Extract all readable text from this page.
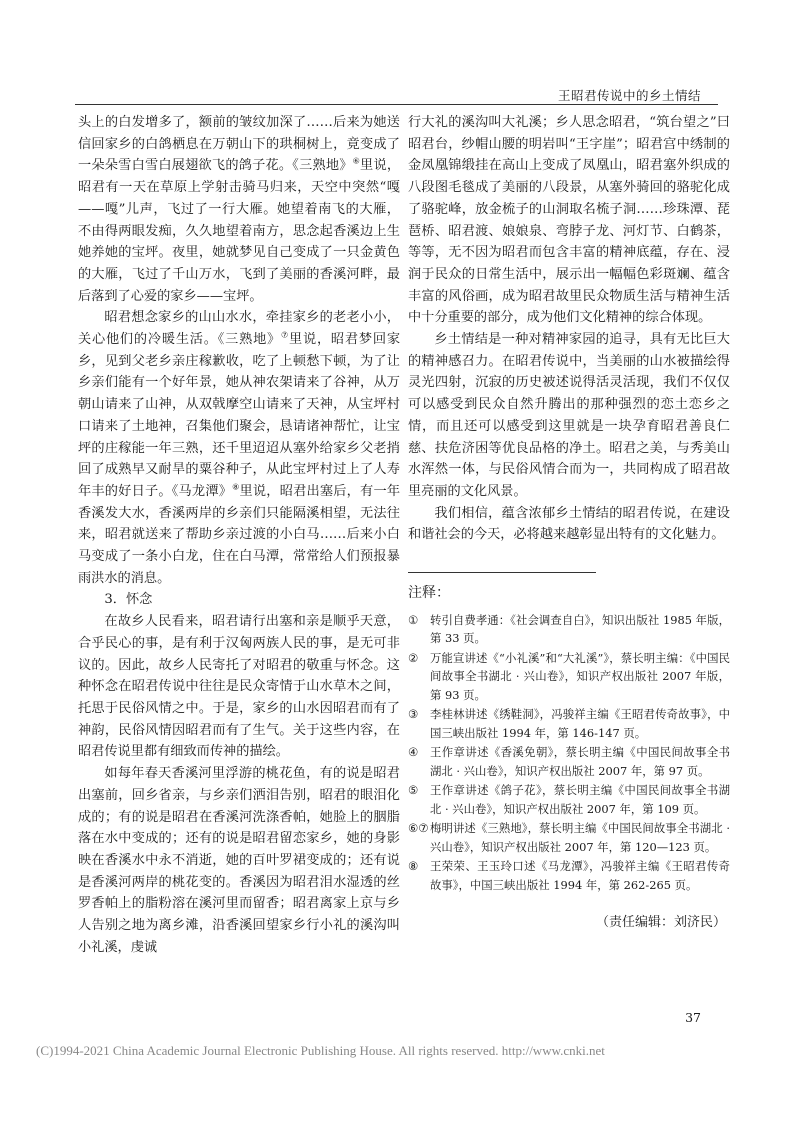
王昭君传说中的乡土情结

头上的白发增多了，额前的皱纹加深了……后来为她送信回家乡的白鸽栖息在万朝山下的珙桐树上，竟变成了一朵朵雪白雪白展翅欲飞的鸽子花。《三熟地》⑥里说，昭君有一天在草原上学射击骑马归来，天空中突然“嘎——嘎”儿声，飞过了一行大雁。她望着南飞的大雁，不由得两眼发痴，久久地望着南方，思念起香溪边上生她养她的宝坪。夜里，她就梦见自己变成了一只金黄色的大雁，飞过了千山万水，飞到了美丽的香溪河畔，最后落到了心爱的家乡——宝坪。

昭君想念家乡的山山水水，牵挂家乡的老老小小，关心他们的冷暖生活。《三熟地》⑦里说，昭君梦回家乡，见到父老乡亲庄稼歉收，吃了上顿愁下顿，为了让乡亲们能有一个好年景，她从神农架请来了谷神，从万朝山请来了山神，从双戟摩空山请来了天神，从宝坪村口请来了土地神，召集他们聚会，恳请诸神帮忙，让宝坪的庄稼能一年三熟，还千里迢迢从塞外给家乡父老捎回了成熟早又耐旱的粟谷种子，从此宝坪村过上了人寿年丰的好日子。《马龙潭》⑧里说，昭君出塞后，有一年香溪发大水，香溪两岸的乡亲们只能隔溪相望，无法往来，昭君就送来了帮助乡亲过渡的小白马……后来小白马变成了一条小白龙，住在白马潭，常常给人们预报暴雨洪水的消息。

3．怀念

在故乡人民看来，昭君请行出塞和亲是顺乎天意，合乎民心的事，是有利于汉匈两族人民的事，是无可非议的。因此，故乡人民寄托了对昭君的敬重与怀念。这种怀念在昭君传说中往往是民众寄情于山水草木之间，托思于民俗风情之中。于是，家乡的山水因昭君而有了神韵，民俗风情因昭君而有了生气。关于这些内容，在昭君传说里都有细致而传神的描绘。

如每年春天香溪河里浮游的桃花鱼，有的说是昭君出塞前，回乡省亲，与乡亲们洒泪告别，昭君的眼泪化成的；有的说是昭君在香溪河洗涤香帕，她脸上的胭脂落在水中变成的；还有的说是昭君留恋家乡，她的身影映在香溪水中永不消逝，她的百叶罗裙变成的；还有说是香溪河两岸的桃花变的。香溪因为昭君泪水湿透的丝罗香帕上的脂粉溶在溪河里而留香；昭君离家上京与乡人告别之地为离乡滩，沿香溪回望家乡行小礼的溪沟叫小礼溪，虔诚

行大礼的溪沟叫大礼溪；乡人思念昭君，“筑台望之”曰昭君台，纱帽山腰的明岩叫“王字崖”；昭君宫中绣制的金凤凰锦缎挂在高山上变成了凤凰山，昭君塞外织成的八段图毛毯成了美丽的八段景，从塞外骑回的骆驼化成了骆驼峰，放金梳子的山洞取名梳子洞……珍珠潭、琵琶桥、昭君渡、娘娘泉、弯脖子龙、河灯节、白鹤茶，等等，无不因为昭君而包含丰富的精神底蕴，存在、浸润于民众的日常生活中，展示出一幅幅色彩斑斓、蕴含丰富的风俗画，成为昭君故里民众物质生活与精神生活中十分重要的部分，成为他们文化精神的综合体现。

乡土情结是一种对精神家园的追寻，具有无比巨大的精神感召力。在昭君传说中，当美丽的山水被描绘得灵光四射，沉寂的历史被述说得活灵活现，我们不仅仅可以感受到民众自然升腾出的那种强烈的恋土恋乡之情，而且还可以感受到这里就是一块孕育昭君善良仁慈、扶危济困等优良品格的净土。昭君之美，与秀美山水浑然一体，与民俗风情合而为一，共同构成了昭君故里亮丽的文化风景。

我们相信，蕴含浓郁乡土情结的昭君传说，在建设和谐社会的今天，必将越来越彰显出特有的文化魅力。

注释：
①	转引自费孝通：《社会调查自白》，知识出版社 1985 年版，第 33 页。
②	万能宣讲述《“小礼溪”和“大礼溪”》，蔡长明主编：《中国民间故事全书湖北 · 兴山卷》，知识产权出版社 2007 年版，第 93 页。
③	李桂林讲述《绣鞋洞》，冯骏祥主编《王昭君传奇故事》，中国三峡出版社 1994 年，第 146-147 页。
④	王作章讲述《香溪免朝》，蔡长明主编《中国民间故事全书湖北 · 兴山卷》，知识产权出版社 2007 年，第 97 页。
⑤	王作章讲述《鸽子花》，蔡长明主编《中国民间故事全书湖北 · 兴山卷》，知识产权出版社 2007 年，第 109 页。
⑥⑦ 梅明讲述《三熟地》，蔡长明主编《中国民间故事全书湖北 · 兴山卷》，知识产权出版社 2007 年，第 120—123 页。
⑧	王荣荣、王玉玲口述《马龙潭》，冯骏祥主编《王昭君传奇故事》，中国三峡出版社 1994 年，第 262-265 页。
（责任编辑：刘济民）
37
(C)1994-2021 China Academic Journal Electronic Publishing House. All rights reserved. http://www.cnki.net
